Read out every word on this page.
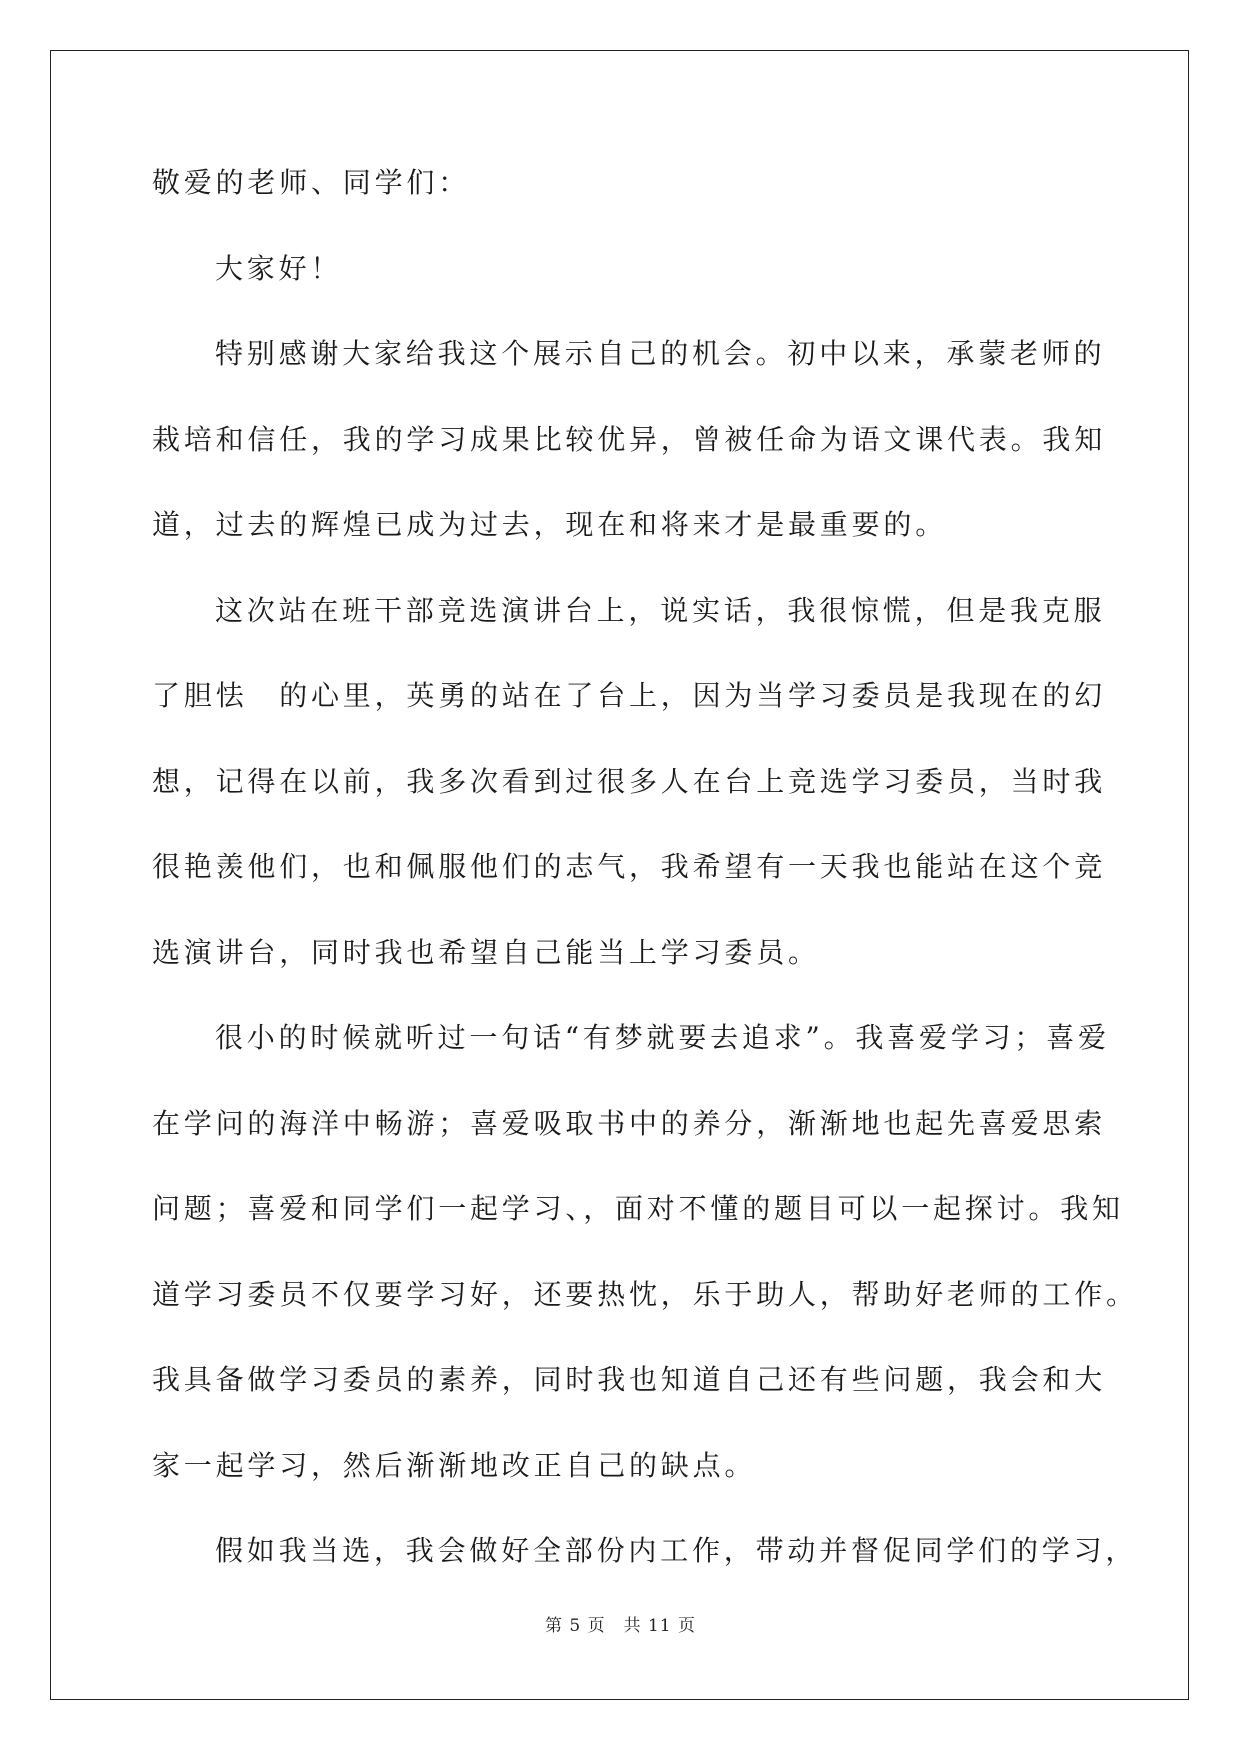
敬爱的老师、同学们：
大家好！
特别感谢大家给我这个展示自己的机会。初中以来，承蒙老师的
栽培和信任，我的学习成果比较优异，曾被任命为语文课代表。我知
道，过去的辉煌已成为过去，现在和将来才是最重要的。
这次站在班干部竞选演讲台上，说实话，我很惊慌，但是我克服
了胆怯　的心里，英勇的站在了台上，因为当学习委员是我现在的幻
想，记得在以前，我多次看到过很多人在台上竞选学习委员，当时我
很艳羡他们，也和佩服他们的志气，我希望有一天我也能站在这个竞
选演讲台，同时我也希望自己能当上学习委员。
很小的时候就听过一句话“有梦就要去追求”。我喜爱学习；喜爱
在学问的海洋中畅游；喜爱吸取书中的养分，渐渐地也起先喜爱思索
问题；喜爱和同学们一起学习、，面对不懂的题目可以一起探讨。我知
道学习委员不仅要学习好，还要热忱，乐于助人，帮助好老师的工作。
我具备做学习委员的素养，同时我也知道自己还有些问题，我会和大
家一起学习，然后渐渐地改正自己的缺点。
假如我当选，我会做好全部份内工作，带动并督促同学们的学习，
第 5 页　共 11 页
